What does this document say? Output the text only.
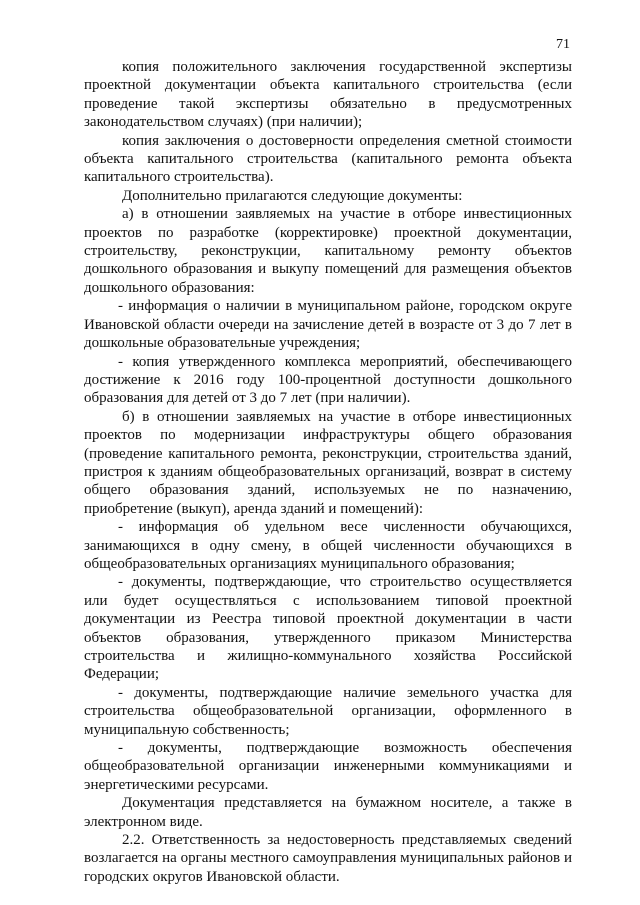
71

копия положительного заключения государственной экспертизы проектной документации объекта капитального строительства (если проведение такой экспертизы обязательно в предусмотренных законодательством случаях) (при наличии);

копия заключения о достоверности определения сметной стоимости объекта капитального строительства (капитального ремонта объекта капитального строительства).

Дополнительно прилагаются следующие документы:

а) в отношении заявляемых на участие в отборе инвестиционных проектов по разработке (корректировке) проектной документации, строительству, реконструкции, капитальному ремонту объектов дошкольного образования и выкупу помещений для размещения объектов дошкольного образования:

- информация о наличии в муниципальном районе, городском округе Ивановской области очереди на зачисление детей в возрасте от 3 до 7 лет в дошкольные образовательные учреждения;

- копия утвержденного комплекса мероприятий, обеспечивающего достижение к 2016 году 100-процентной доступности дошкольного образования для детей от 3 до 7 лет (при наличии).

б) в отношении заявляемых на участие в отборе инвестиционных проектов по модернизации инфраструктуры общего образования (проведение капитального ремонта, реконструкции, строительства зданий, пристроя к зданиям общеобразовательных организаций, возврат в систему общего образования зданий, используемых не по назначению, приобретение (выкуп), аренда зданий и помещений):

- информация об удельном весе численности обучающихся, занимающихся в одну смену, в общей численности обучающихся в общеобразовательных организациях муниципального образования;

- документы, подтверждающие, что строительство осуществляется или будет осуществляться с использованием типовой проектной документации из Реестра типовой проектной документации в части объектов образования, утвержденного приказом Министерства строительства и жилищно-коммунального хозяйства Российской Федерации;

- документы, подтверждающие наличие земельного участка для строительства общеобразовательной организации, оформленного в муниципальную собственность;

- документы, подтверждающие возможность обеспечения общеобразовательной организации инженерными коммуникациями и энергетическими ресурсами.

Документация представляется на бумажном носителе, а также в электронном виде.

2.2. Ответственность за недостоверность представляемых сведений возлагается на органы местного самоуправления муниципальных районов и городских округов Ивановской области.
